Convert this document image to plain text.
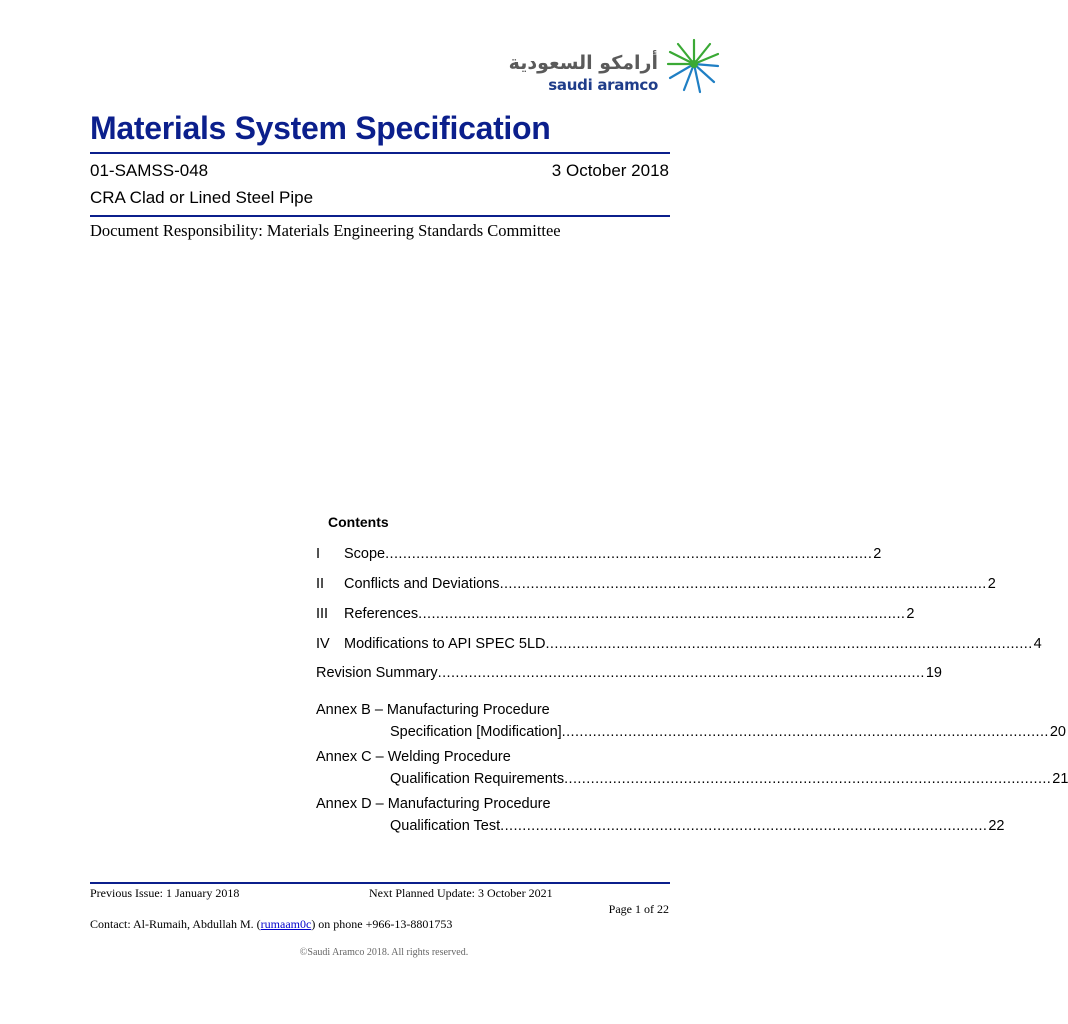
أرامكو السعودية
saudi aramco
Materials System Specification
01-SAMSS-048	3 October 2018
CRA Clad or Lined Steel Pipe
Document Responsibility: Materials Engineering Standards Committee
Contents
I	Scope .............................................................................................................. 2
II	Conflicts and Deviations .............................................................................................................. 2
III	References .............................................................................................................. 2
IV Modifications to API SPEC 5LD .............................................................................................................. 4
Revision Summary .............................................................................................................. 19
Annex B – Manufacturing Procedure
Specification [Modification] .............................................................................................................. 20
Annex C – Welding Procedure
Qualification Requirements .............................................................................................................. 21
Annex D – Manufacturing Procedure
Qualification Test .............................................................................................................. 22
Previous Issue: 1 January 2018	Next Planned Update: 3 October 2021
Page 1 of 22
Contact: Al-Rumaih, Abdullah M. (rumaam0c) on phone +966-13-8801753
©Saudi Aramco 2018. All rights reserved.
